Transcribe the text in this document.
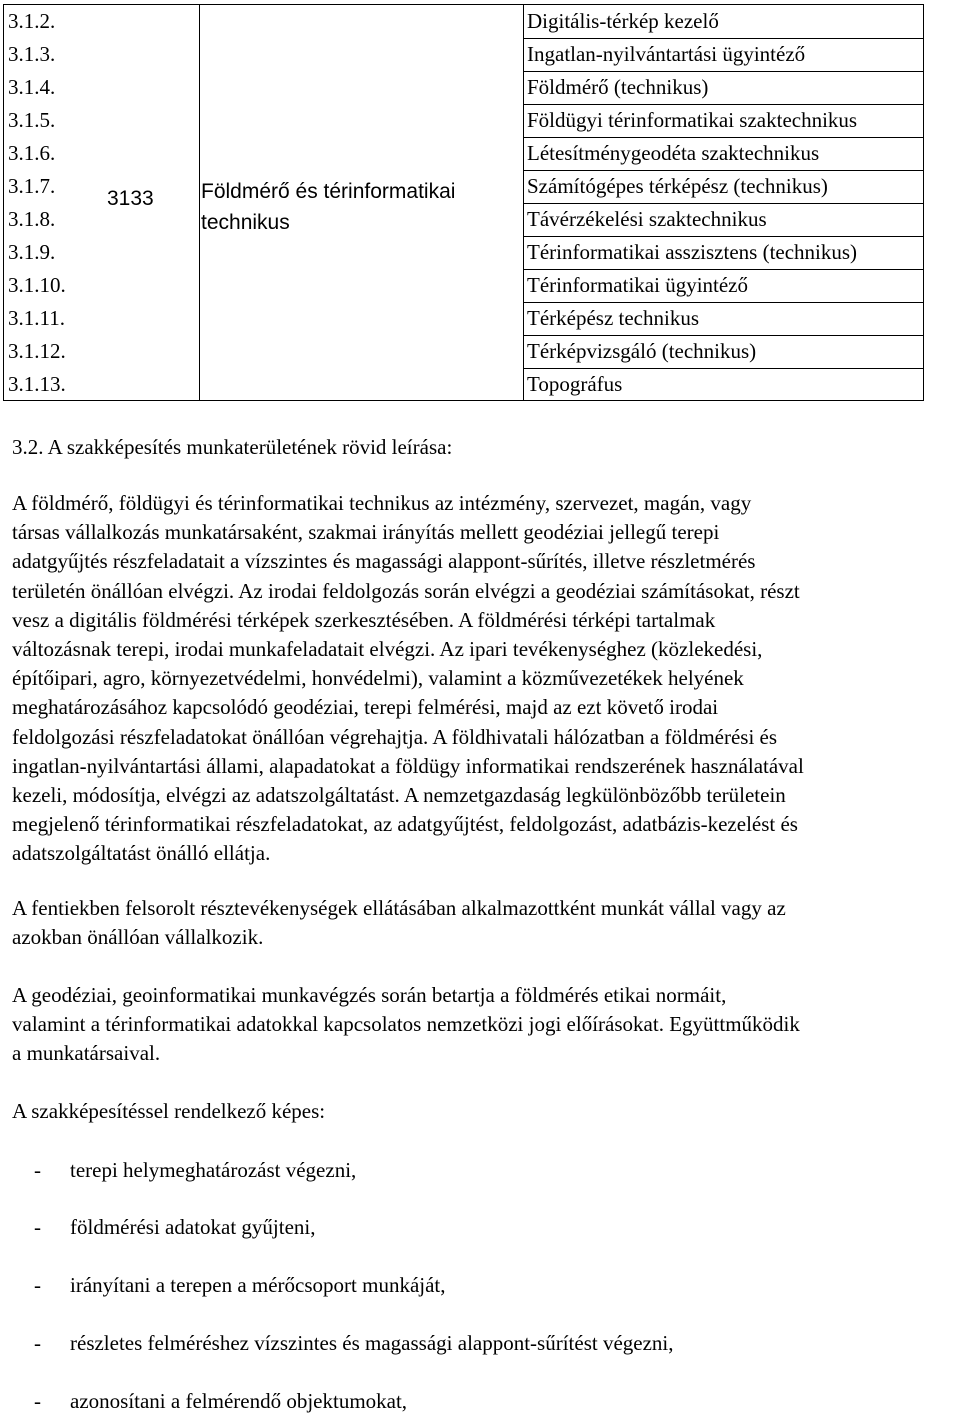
3.1.2.	Digitális-térkép kezelő
3.1.3.	Ingatlan-nyilvántartási ügyintéző
3.1.4.	Földmérő (technikus)
3.1.5.	Földügyi térinformatikai szaktechnikus
3.1.6.	Létesítménygeodéta szaktechnikus
3.1.7.	Számítógépes térképész (technikus)
3.1.8.	Távérzékelési szaktechnikus
3.1.9.	Térinformatikai asszisztens (technikus)
3.1.10.	Térinformatikai ügyintéző
3.1.11.	Térképész technikus
3.1.12.	Térképvizsgáló (technikus)
3.1.13.	Topográfus
3133	Földmérő és térinformatikai
technikus
3.2. A szakképesítés munkaterületének rövid leírása:
A földmérő, földügyi és térinformatikai technikus az intézmény, szervezet, magán, vagy
társas vállalkozás munkatársaként, szakmai irányítás mellett geodéziai jellegű terepi
adatgyűjtés részfeladatait a vízszintes és magassági alappont-sűrítés, illetve részletmérés
területén önállóan elvégzi. Az irodai feldolgozás során elvégzi a geodéziai számításokat, részt
vesz a digitális földmérési térképek szerkesztésében. A földmérési térképi tartalmak
változásnak terepi, irodai munkafeladatait elvégzi. Az ipari tevékenységhez (közlekedési,
építőipari, agro, környezetvédelmi, honvédelmi), valamint a közművezetékek helyének
meghatározásához kapcsolódó geodéziai, terepi felmérési, majd az ezt követő irodai
feldolgozási részfeladatokat önállóan végrehajtja. A földhivatali hálózatban a földmérési és
ingatlan-nyilvántartási állami, alapadatokat a földügy informatikai rendszerének használatával
kezeli, módosítja, elvégzi az adatszolgáltatást. A nemzetgazdaság legkülönbözőbb területein
megjelenő térinformatikai részfeladatokat, az adatgyűjtést, feldolgozást, adatbázis-kezelést és
adatszolgáltatást önálló ellátja.
A fentiekben felsorolt résztevékenységek ellátásában alkalmazottként munkát vállal vagy az
azokban önállóan vállalkozik.
A geodéziai, geoinformatikai munkavégzés során betartja a földmérés etikai normáit,
valamint a térinformatikai adatokkal kapcsolatos nemzetközi jogi előírásokat. Együttműködik
a munkatársaival.
A szakképesítéssel rendelkező képes:
- terepi helymeghatározást végezni,
- földmérési adatokat gyűjteni,
- irányítani a terepen a mérőcsoport munkáját,
- részletes felméréshez vízszintes és magassági alappont-sűrítést végezni,
- azonosítani a felmérendő objektumokat,
